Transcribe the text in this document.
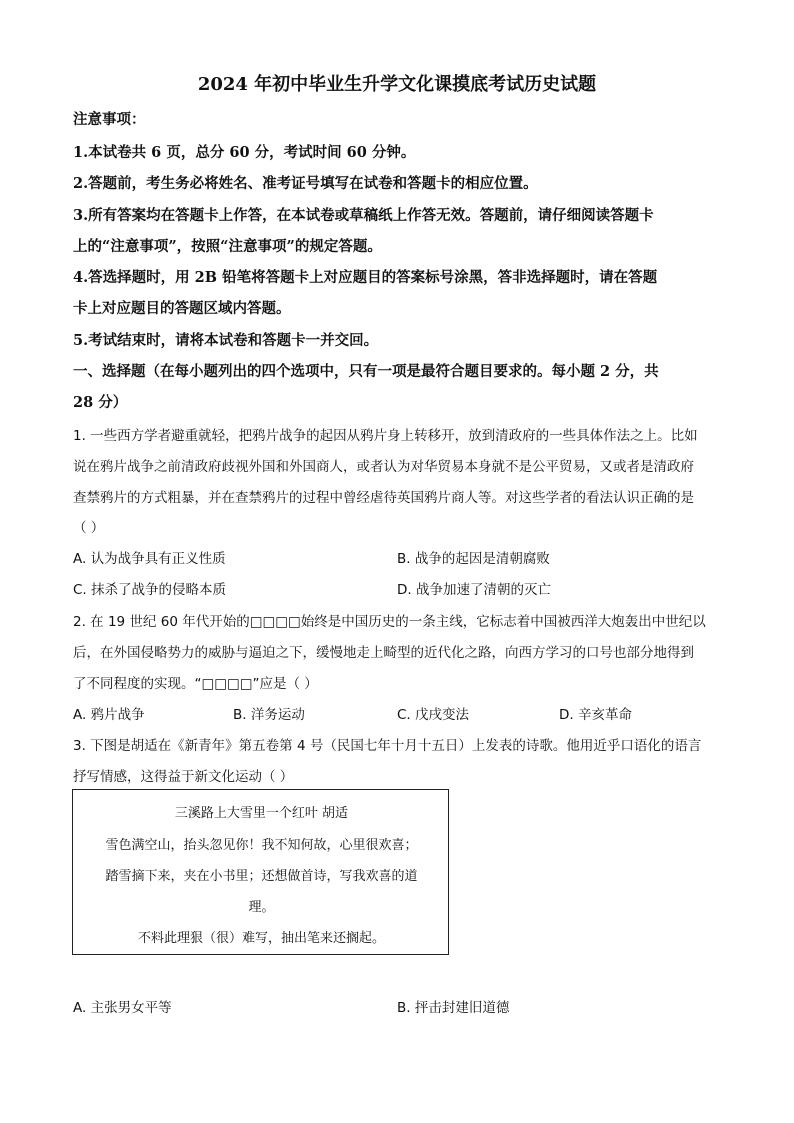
2024 年初中毕业生升学文化课摸底考试历史试题
注意事项：
1.本试卷共 6 页，总分 60 分，考试时间 60 分钟。
2.答题前，考生务必将姓名、准考证号填写在试卷和答题卡的相应位置。
3.所有答案均在答题卡上作答，在本试卷或草稿纸上作答无效。答题前，请仔细阅读答题卡
上的“注意事项”，按照“注意事项”的规定答题。
4.答选择题时，用 2B 铅笔将答题卡上对应题目的答案标号涂黑，答非选择题时，请在答题
卡上对应题目的答题区域内答题。
5.考试结束时，请将本试卷和答题卡一并交回。
一、选择题（在每小题列出的四个选项中，只有一项是最符合题目要求的。每小题 2 分，共
28 分）
1. 一些西方学者避重就轻，把鸦片战争的起因从鸦片身上转移开，放到清政府的一些具体作法之上。比如
说在鸦片战争之前清政府歧视外国和外国商人，或者认为对华贸易本身就不是公平贸易，又或者是清政府
查禁鸦片的方式粗暴，并在查禁鸦片的过程中曾经虐待英国鸦片商人等。对这些学者的看法认识正确的是
（ ）
A. 认为战争具有正义性质	B. 战争的起因是清朝腐败
C. 抹杀了战争的侵略本质	D. 战争加速了清朝的灭亡
2. 在 19 世纪 60 年代开始的□□□□始终是中国历史的一条主线，它标志着中国被西洋大炮轰出中世纪以
后，在外国侵略势力的威胁与逼迫之下，缓慢地走上畸型的近代化之路，向西方学习的口号也部分地得到
了不同程度的实现。“□□□□”应是（ ）
A. 鸦片战争	B. 洋务运动	C. 戊戌变法	D. 辛亥革命
3. 下图是胡适在《新青年》第五卷第 4 号（民国七年十月十五日）上发表的诗歌。他用近乎口语化的语言
抒写情感，这得益于新文化运动（ ）
三溪路上大雪里一个红叶 胡适
雪色满空山，抬头忽见你！我不知何故，心里很欢喜；
踏雪摘下来，夹在小书里；还想做首诗，写我欢喜的道
理。
不料此理狠（很）难写，抽出笔来还搁起。
A. 主张男女平等	B. 抨击封建旧道德
